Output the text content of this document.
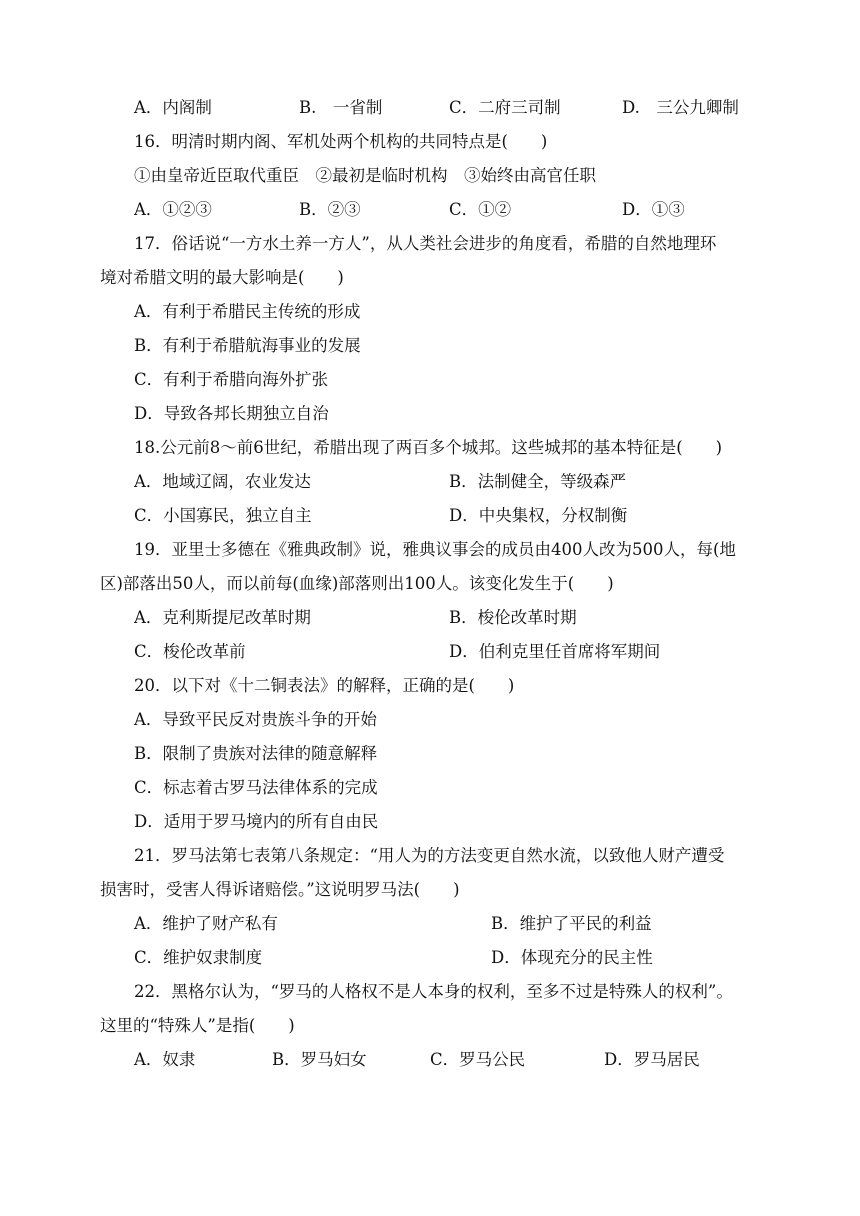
A．内阁制	B.　一省制	C．二府三司制	D.　三公九卿制
16．明清时期内阁、军机处两个机构的共同特点是(　　)
①由皇帝近臣取代重臣　②最初是临时机构　③始终由高官任职
A．①②③	B．②③	C．①②	D．①③
17．俗话说“一方水土养一方人”，从人类社会进步的角度看，希腊的自然地理环
境对希腊文明的最大影响是(　　)
A．有利于希腊民主传统的形成
B．有利于希腊航海事业的发展
C．有利于希腊向海外扩张
D．导致各邦长期独立自治
18.公元前8～前6世纪，希腊出现了两百多个城邦。这些城邦的基本特征是(　　)
A．地域辽阔，农业发达	B．法制健全，等级森严
C．小国寡民，独立自主	D．中央集权，分权制衡
19．亚里士多德在《雅典政制》说，雅典议事会的成员由400人改为500人，每(地
区)部落出50人，而以前每(血缘)部落则出100人。该变化发生于(　　)
A．克利斯提尼改革时期	B．梭伦改革时期
C．梭伦改革前	D．伯利克里任首席将军期间
20．以下对《十二铜表法》的解释，正确的是(　　)
A．导致平民反对贵族斗争的开始
B．限制了贵族对法律的随意解释
C．标志着古罗马法律体系的完成
D．适用于罗马境内的所有自由民
21．罗马法第七表第八条规定：“用人为的方法变更自然水流，以致他人财产遭受
损害时，受害人得诉诸赔偿。”这说明罗马法(　　)
A．维护了财产私有	B．维护了平民的利益
C．维护奴隶制度	D．体现充分的民主性
22．黑格尔认为，“罗马的人格权不是人本身的权利，至多不过是特殊人的权利”。
这里的“特殊人”是指(　　)
A．奴隶	B．罗马妇女	C．罗马公民	D．罗马居民
